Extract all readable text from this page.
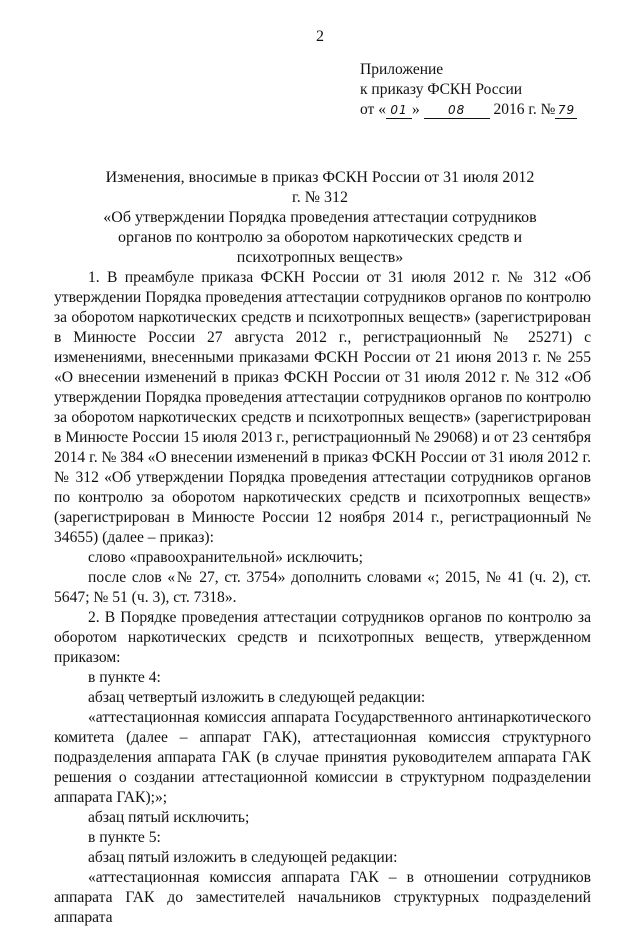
2
Приложение
к приказу ФСКН России
от « 01 » 08 2016 г. № 79
Изменения, вносимые в приказ ФСКН России от 31 июля 2012 г. № 312
«Об утверждении Порядка проведения аттестации сотрудников
органов по контролю за оборотом наркотических средств и
психотропных веществ»

1. В преамбуле приказа ФСКН России от 31 июля 2012 г. № 312 «Об утверждении Порядка проведения аттестации сотрудников органов по контролю за оборотом наркотических средств и психотропных веществ» (зарегистрирован в Минюсте России 27 августа 2012 г., регистрационный № 25271) с изменениями, внесенными приказами ФСКН России от 21 июня 2013 г. № 255 «О внесении изменений в приказ ФСКН России от 31 июля 2012 г. № 312 «Об утверждении Порядка проведения аттестации сотрудников органов по контролю за оборотом наркотических средств и психотропных веществ» (зарегистрирован в Минюсте России 15 июля 2013 г., регистрационный № 29068) и от 23 сентября 2014 г. № 384 «О внесении изменений в приказ ФСКН России от 31 июля 2012 г. № 312 «Об утверждении Порядка проведения аттестации сотрудников органов по контролю за оборотом наркотических средств и психотропных веществ» (зарегистрирован в Минюсте России 12 ноября 2014 г., регистрационный № 34655) (далее – приказ):

слово «правоохранительной» исключить;

после слов «№ 27, ст. 3754» дополнить словами «; 2015, № 41 (ч. 2), ст. 5647; № 51 (ч. 3), ст. 7318».

2. В Порядке проведения аттестации сотрудников органов по контролю за оборотом наркотических средств и психотропных веществ, утвержденном приказом:

в пункте 4:

абзац четвертый изложить в следующей редакции:

«аттестационная комиссия аппарата Государственного антинаркотического комитета (далее – аппарат ГАК), аттестационная комиссия структурного подразделения аппарата ГАК (в случае принятия руководителем аппарата ГАК решения о создании аттестационной комиссии в структурном подразделении аппарата ГАК);»;

абзац пятый исключить;

в пункте 5:

абзац пятый изложить в следующей редакции:

«аттестационная комиссия аппарата ГАК – в отношении сотрудников аппарата ГАК до заместителей начальников структурных подразделений аппарата
